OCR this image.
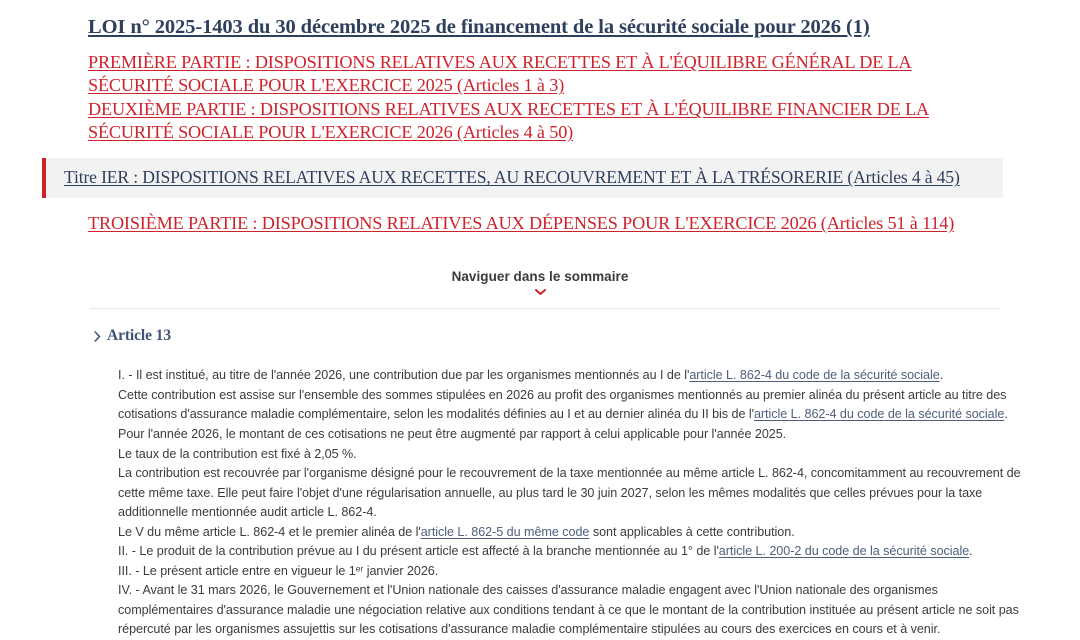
LOI n° 2025-1403 du 30 décembre 2025 de financement de la sécurité sociale pour 2026 (1)
PREMIÈRE PARTIE : DISPOSITIONS RELATIVES AUX RECETTES ET À L'ÉQUILIBRE GÉNÉRAL DE LA SÉCURITÉ SOCIALE POUR L'EXERCICE 2025 (Articles 1 à 3)
DEUXIÈME PARTIE : DISPOSITIONS RELATIVES AUX RECETTES ET À L'ÉQUILIBRE FINANCIER DE LA SÉCURITÉ SOCIALE POUR L'EXERCICE 2026 (Articles 4 à 50)
Titre IER : DISPOSITIONS RELATIVES AUX RECETTES, AU RECOUVREMENT ET À LA TRÉSORERIE (Articles 4 à 45)
TROISIÈME PARTIE : DISPOSITIONS RELATIVES AUX DÉPENSES POUR L'EXERCICE 2026 (Articles 51 à 114)
Naviguer dans le sommaire
Article 13

I. - Il est institué, au titre de l'année 2026, une contribution due par les organismes mentionnés au I de l'article L. 862-4 du code de la sécurité sociale.

Cette contribution est assise sur l'ensemble des sommes stipulées en 2026 au profit des organismes mentionnés au premier alinéa du présent article au titre des cotisations d'assurance maladie complémentaire, selon les modalités définies au I et au dernier alinéa du II bis de l'article L. 862-4 du code de la sécurité sociale. Pour l'année 2026, le montant de ces cotisations ne peut être augmenté par rapport à celui applicable pour l'année 2025.

Le taux de la contribution est fixé à 2,05 %.

La contribution est recouvrée par l'organisme désigné pour le recouvrement de la taxe mentionnée au même article L. 862-4, concomitamment au recouvrement de cette même taxe. Elle peut faire l'objet d'une régularisation annuelle, au plus tard le 30 juin 2027, selon les mêmes modalités que celles prévues pour la taxe additionnelle mentionnée audit article L. 862-4.

Le V du même article L. 862-4 et le premier alinéa de l'article L. 862-5 du même code sont applicables à cette contribution.

II. - Le produit de la contribution prévue au I du présent article est affecté à la branche mentionnée au 1° de l'article L. 200-2 du code de la sécurité sociale.

III. - Le présent article entre en vigueur le 1er janvier 2026.

IV. - Avant le 31 mars 2026, le Gouvernement et l'Union nationale des caisses d'assurance maladie engagent avec l'Union nationale des organismes complémentaires d'assurance maladie une négociation relative aux conditions tendant à ce que le montant de la contribution instituée au présent article ne soit pas répercuté par les organismes assujettis sur les cotisations d'assurance maladie complémentaire stipulées au cours des exercices en cours et à venir.
